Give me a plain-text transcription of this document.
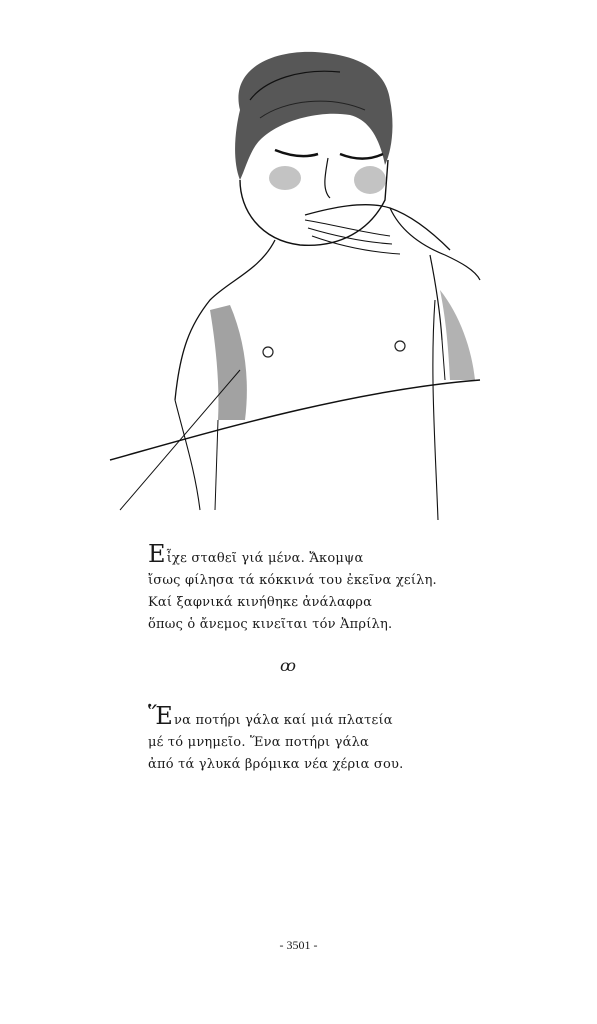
Εἶχε σταθεῖ γιά μένα. Ἄκομψα
ἴσως φίλησα τά κόκκινά του ἐκεῖνα χείλη.
Καί ξαφνικά κινήθηκε ἀνάλαφρα
ὅπως ὁ ἄνεμος κινεῖται τόν Ἀπρίλη.
ꝏ
Ἕνα ποτήρι γάλα καί μιά πλατεία
μέ τό μνημεῖο. Ἕνα ποτήρι γάλα
ἀπό τά γλυκά βρόμικα νέα χέρια σου.
- 3501 -
